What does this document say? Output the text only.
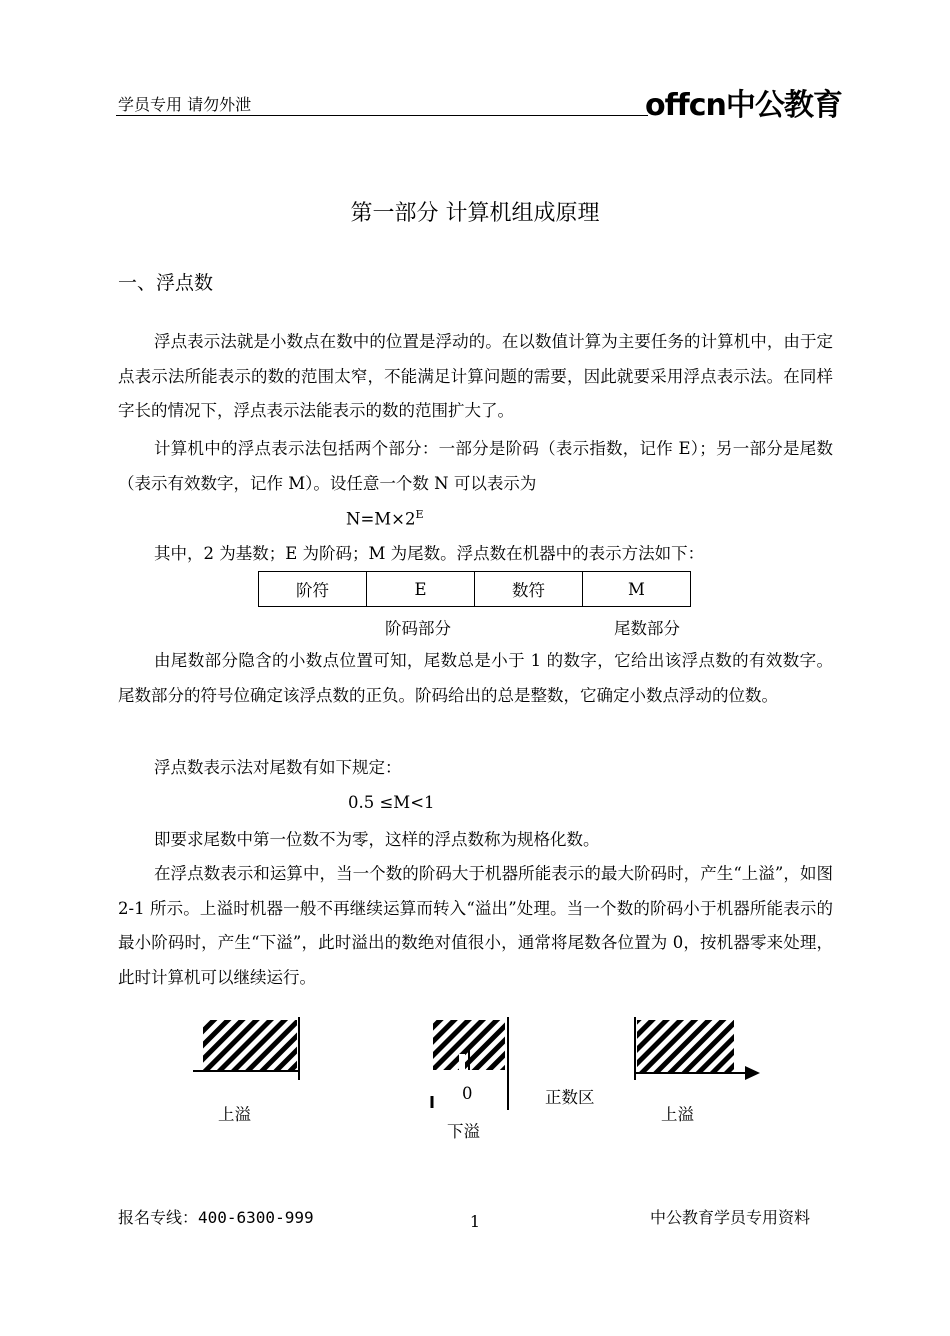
学员专用 请勿外泄	offcn中公教育
第一部分 计算机组成原理
一、浮点数
浮点表示法就是小数点在数中的位置是浮动的。在以数值计算为主要任务的计算机中，由于定点表示法所能表示的数的范围太窄，不能满足计算问题的需要，因此就要采用浮点表示法。在同样字长的情况下，浮点表示法能表示的数的范围扩大了。
计算机中的浮点表示法包括两个部分：一部分是阶码（表示指数，记作 E）；另一部分是尾数（表示有效数字，记作 M）。设任意一个数 N 可以表示为
$N=M\times 2^E$
其中，2 为基数；E 为阶码；M 为尾数。浮点数在机器中的表示方法如下：
阶符	E	数符	M
阶码部分	尾数部分
由尾数部分隐含的小数点位置可知，尾数总是小于 1 的数字，它给出该浮点数的有效数字。尾数部分的符号位确定该浮点数的正负。阶码给出的总是整数，它确定小数点浮动的位数。
浮点数表示法对尾数有如下规定：
0.5 ≤M<1
即要求尾数中第一位数不为零，这样的浮点数称为规格化数。
在浮点数表示和运算中，当一个数的阶码大于机器所能表示的最大阶码时，产生“上溢”，如图 2-1 所示。上溢时机器一般不再继续运算而转入“溢出”处理。当一个数的阶码小于机器所能表示的最小阶码时，产生“下溢”，此时溢出的数绝对值很小，通常将尾数各位置为 0，按机器零来处理，此时计算机可以继续运行。
上溢
0
下溢
正数区
上溢
报名专线：400-6300-999	1	中公教育学员专用资料
